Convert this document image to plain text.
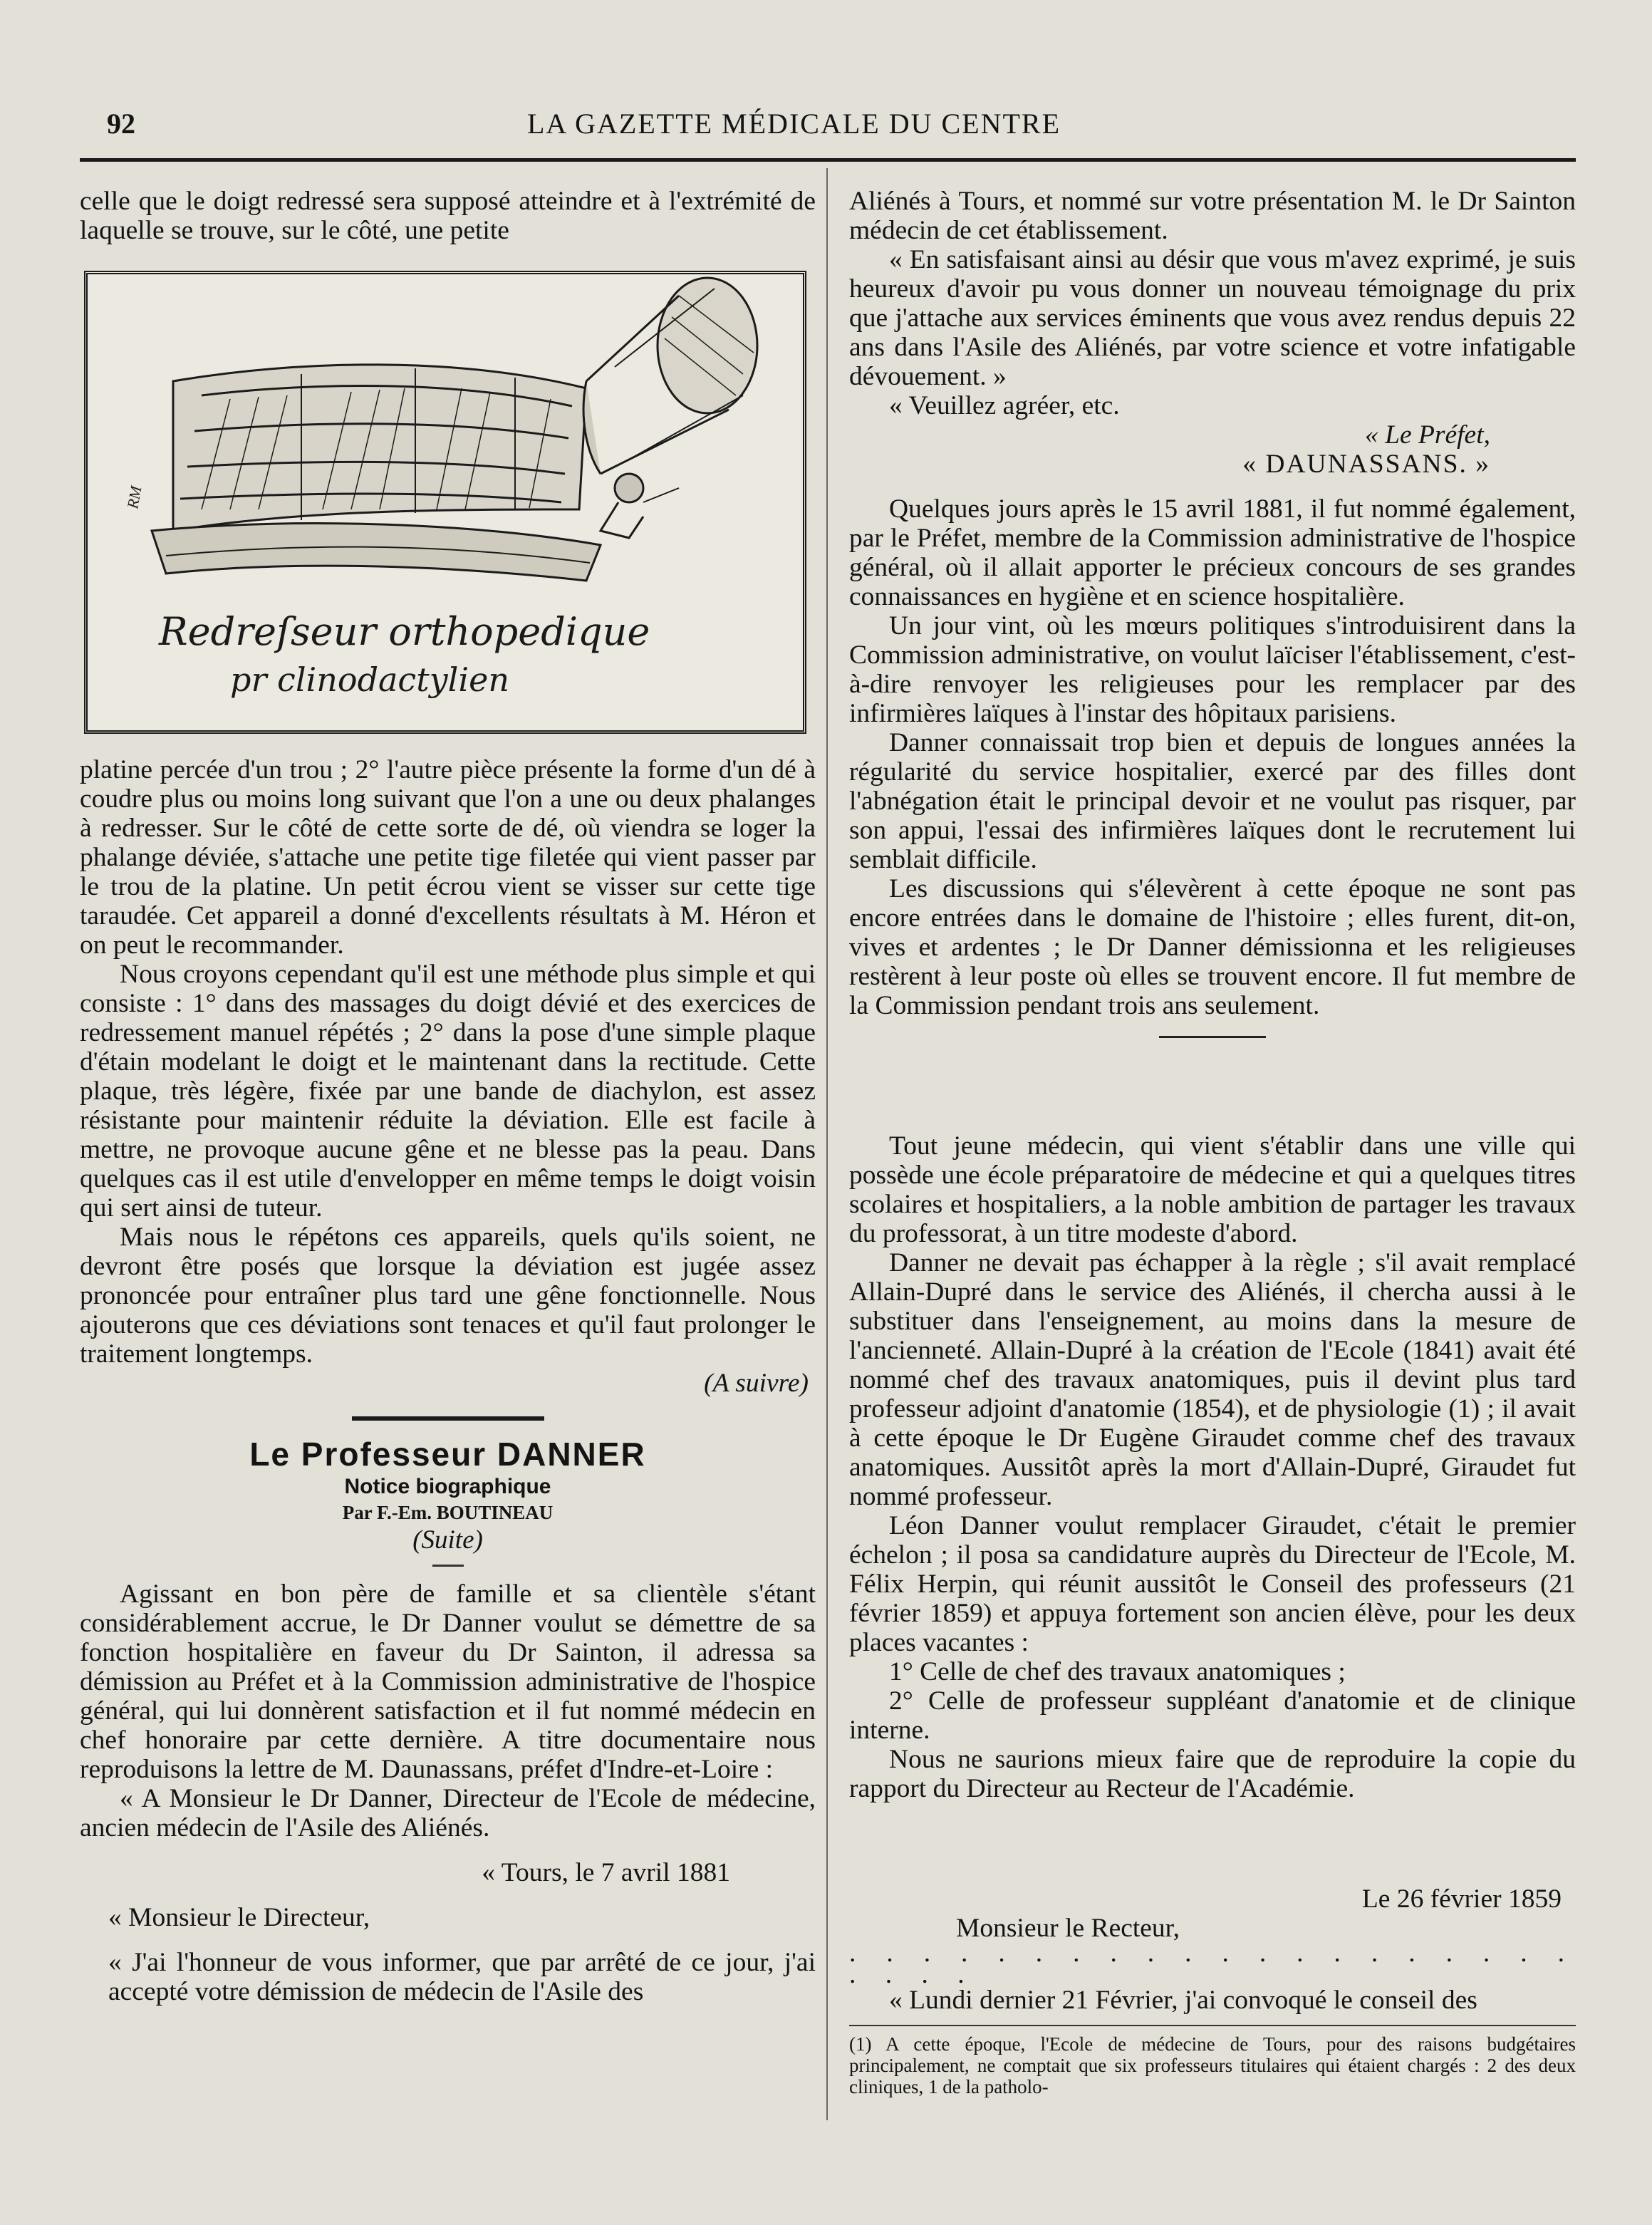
92	LA GAZETTE MÉDICALE DU CENTRE

celle que le doigt redressé sera supposé atteindre et à l'extrémité de laquelle se trouve, sur le côté, une petite

RM
Redreſseur orthopedique
pr clinodactylien

platine percée d'un trou ; 2° l'autre pièce présente la forme d'un dé à coudre plus ou moins long suivant que l'on a une ou deux phalanges à redresser. Sur le côté de cette sorte de dé, où viendra se loger la phalange déviée, s'attache une petite tige filetée qui vient passer par le trou de la platine. Un petit écrou vient se visser sur cette tige taraudée. Cet appareil a donné d'excellents résultats à M. Héron et on peut le recommander.

Nous croyons cependant qu'il est une méthode plus simple et qui consiste : 1° dans des massages du doigt dévié et des exercices de redressement manuel répétés ; 2° dans la pose d'une simple plaque d'étain modelant le doigt et le maintenant dans la rectitude. Cette plaque, très légère, fixée par une bande de diachylon, est assez résistante pour maintenir réduite la déviation. Elle est facile à mettre, ne provoque aucune gêne et ne blesse pas la peau. Dans quelques cas il est utile d'envelopper en même temps le doigt voisin qui sert ainsi de tuteur.

Mais nous le répétons ces appareils, quels qu'ils soient, ne devront être posés que lorsque la déviation est jugée assez prononcée pour entraîner plus tard une gêne fonctionnelle. Nous ajouterons que ces déviations sont tenaces et qu'il faut prolonger le traitement longtemps.

(A suivre)

Le Professeur DANNER

Notice biographique

Par F.-Em. BOUTINEAU

(Suite)

Agissant en bon père de famille et sa clientèle s'étant considérablement accrue, le Dr Danner voulut se démettre de sa fonction hospitalière en faveur du Dr Sainton, il adressa sa démission au Préfet et à la Commission administrative de l'hospice général, qui lui donnèrent satisfaction et il fut nommé médecin en chef honoraire par cette dernière. A titre documentaire nous reproduisons la lettre de M. Daunassans, préfet d'Indre-et-Loire :

« A Monsieur le Dr Danner, Directeur de l'Ecole de médecine, ancien médecin de l'Asile des Aliénés.

« Tours, le 7 avril 1881

« Monsieur le Directeur,

« J'ai l'honneur de vous informer, que par arrêté de ce jour, j'ai accepté votre démission de médecin de l'Asile des

Aliénés à Tours, et nommé sur votre présentation M. le Dr Sainton médecin de cet établissement.

« En satisfaisant ainsi au désir que vous m'avez exprimé, je suis heureux d'avoir pu vous donner un nouveau témoignage du prix que j'attache aux services éminents que vous avez rendus depuis 22 ans dans l'Asile des Aliénés, par votre science et votre infatigable dévouement. »

« Veuillez agréer, etc.

« Le Préfet,

« DAUNASSANS. »

Quelques jours après le 15 avril 1881, il fut nommé également, par le Préfet, membre de la Commission administrative de l'hospice général, où il allait apporter le précieux concours de ses grandes connaissances en hygiène et en science hospitalière.

Un jour vint, où les mœurs politiques s'introduisirent dans la Commission administrative, on voulut laïciser l'établissement, c'est-à-dire renvoyer les religieuses pour les remplacer par des infirmières laïques à l'instar des hôpitaux parisiens.

Danner connaissait trop bien et depuis de longues années la régularité du service hospitalier, exercé par des filles dont l'abnégation était le principal devoir et ne voulut pas risquer, par son appui, l'essai des infirmières laïques dont le recrutement lui semblait difficile.

Les discussions qui s'élevèrent à cette époque ne sont pas encore entrées dans le domaine de l'histoire ; elles furent, dit-on, vives et ardentes ; le Dr Danner démissionna et les religieuses restèrent à leur poste où elles se trouvent encore. Il fut membre de la Commission pendant trois ans seulement.

Tout jeune médecin, qui vient s'établir dans une ville qui possède une école préparatoire de médecine et qui a quelques titres scolaires et hospitaliers, a la noble ambition de partager les travaux du professorat, à un titre modeste d'abord.

Danner ne devait pas échapper à la règle ; s'il avait remplacé Allain-Dupré dans le service des Aliénés, il chercha aussi à le substituer dans l'enseignement, au moins dans la mesure de l'ancienneté. Allain-Dupré à la création de l'Ecole (1841) avait été nommé chef des travaux anatomiques, puis il devint plus tard professeur adjoint d'anatomie (1854), et de physiologie (1) ; il avait à cette époque le Dr Eugène Giraudet comme chef des travaux anatomiques. Aussitôt après la mort d'Allain-Dupré, Giraudet fut nommé professeur.

Léon Danner voulut remplacer Giraudet, c'était le premier échelon ; il posa sa candidature auprès du Directeur de l'Ecole, M. Félix Herpin, qui réunit aussitôt le Conseil des professeurs (21 février 1859) et appuya fortement son ancien élève, pour les deux places vacantes :

1° Celle de chef des travaux anatomiques ;

2° Celle de professeur suppléant d'anatomie et de clinique interne.

Nous ne saurions mieux faire que de reproduire la copie du rapport du Directeur au Recteur de l'Académie.

Le 26 février 1859

Monsieur le Recteur,

. . . . . . . . . . . . . . . . . . . . . . . .

« Lundi dernier 21 Février, j'ai convoqué le conseil des

(1) A cette époque, l'Ecole de médecine de Tours, pour des raisons budgétaires principalement, ne comptait que six professeurs titulaires qui étaient chargés : 2 des deux cliniques, 1 de la patholo-
